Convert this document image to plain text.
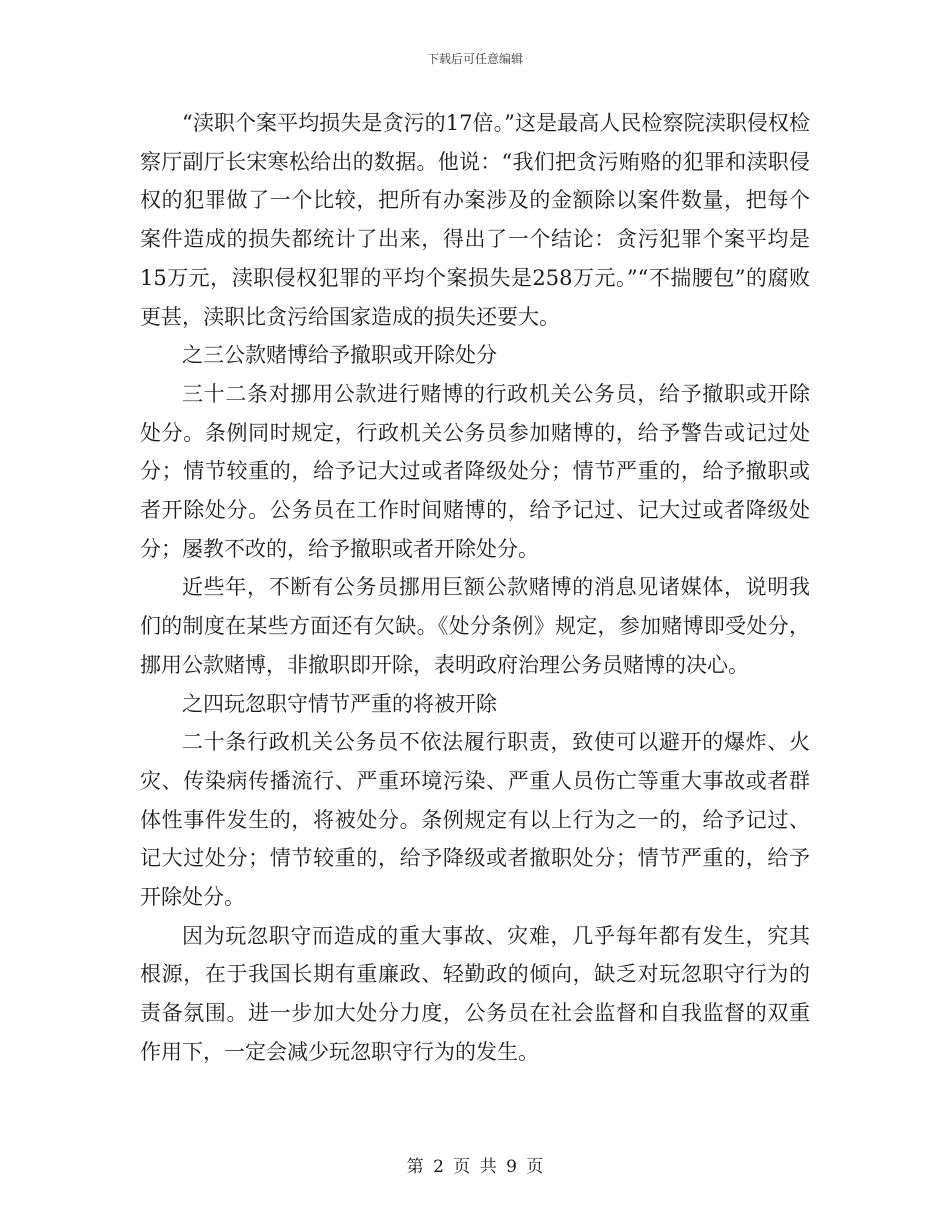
下载后可任意编辑

“渎职个案平均损失是贪污的17倍。”这是最高人民检察院渎职侵权检察厅副厅长宋寒松给出的数据。他说：“我们把贪污贿赂的犯罪和渎职侵权的犯罪做了一个比较，把所有办案涉及的金额除以案件数量，把每个案件造成的损失都统计了出来，得出了一个结论：贪污犯罪个案平均是15万元，渎职侵权犯罪的平均个案损失是258万元。”“不揣腰包”的腐败更甚，渎职比贪污给国家造成的损失还要大。

之三公款赌博给予撤职或开除处分

三十二条对挪用公款进行赌博的行政机关公务员，给予撤职或开除处分。条例同时规定，行政机关公务员参加赌博的，给予警告或记过处分；情节较重的，给予记大过或者降级处分；情节严重的，给予撤职或者开除处分。公务员在工作时间赌博的，给予记过、记大过或者降级处分；屡教不改的，给予撤职或者开除处分。

近些年，不断有公务员挪用巨额公款赌博的消息见诸媒体，说明我们的制度在某些方面还有欠缺。《处分条例》规定，参加赌博即受处分，挪用公款赌博，非撤职即开除，表明政府治理公务员赌博的决心。

之四玩忽职守情节严重的将被开除

二十条行政机关公务员不依法履行职责，致使可以避开的爆炸、火灾、传染病传播流行、严重环境污染、严重人员伤亡等重大事故或者群体性事件发生的，将被处分。条例规定有以上行为之一的，给予记过、记大过处分；情节较重的，给予降级或者撤职处分；情节严重的，给予开除处分。

因为玩忽职守而造成的重大事故、灾难，几乎每年都有发生，究其根源，在于我国长期有重廉政、轻勤政的倾向，缺乏对玩忽职守行为的责备氛围。进一步加大处分力度，公务员在社会监督和自我监督的双重作用下，一定会减少玩忽职守行为的发生。

第 2 页 共 9 页
